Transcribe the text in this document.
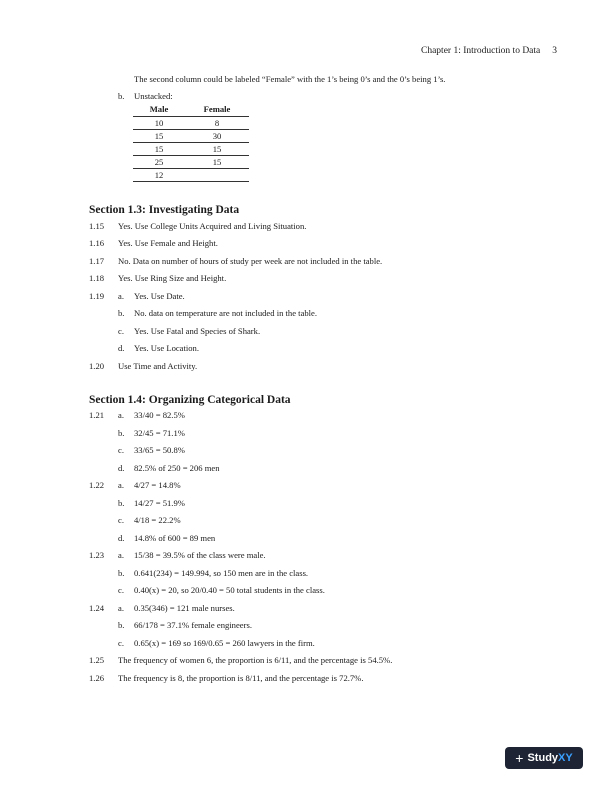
Chapter 1: Introduction to Data 3
The second column could be labeled “Female” with the 1’s being 0’s and the 0’s being 1’s.
b. Unstacked:
Male	Female
10	8
15	30
15	15
25	15
12	
Section 1.3: Investigating Data
1.15 Yes. Use College Units Acquired and Living Situation.
1.16 Yes. Use Female and Height.
1.17 No. Data on number of hours of study per week are not included in the table.
1.18 Yes. Use Ring Size and Height.
1.19 a. Yes. Use Date.
b. No. data on temperature are not included in the table.
c. Yes. Use Fatal and Species of Shark.
d. Yes. Use Location.
1.20 Use Time and Activity.
Section 1.4: Organizing Categorical Data
1.21 a. 33/40 = 82.5%
b. 32/45 = 71.1%
c. 33/65 = 50.8%
d. 82.5% of 250 = 206 men
1.22 a. 4/27 = 14.8%
b. 14/27 = 51.9%
c. 4/18 = 22.2%
d. 14.8% of 600 = 89 men
1.23 a. 15/38 = 39.5% of the class were male.
b. 0.641(234) = 149.994, so 150 men are in the class.
c. 0.40(x) = 20, so 20/0.40 = 50 total students in the class.
1.24 a. 0.35(346) = 121 male nurses.
b. 66/178 = 37.1% female engineers.
c. 0.65(x) = 169 so 169/0.65 = 260 lawyers in the firm.
1.25 The frequency of women 6, the proportion is 6/11, and the percentage is 54.5%.
1.26 The frequency is 8, the proportion is 8/11, and the percentage is 72.7%.
+ Study XY
